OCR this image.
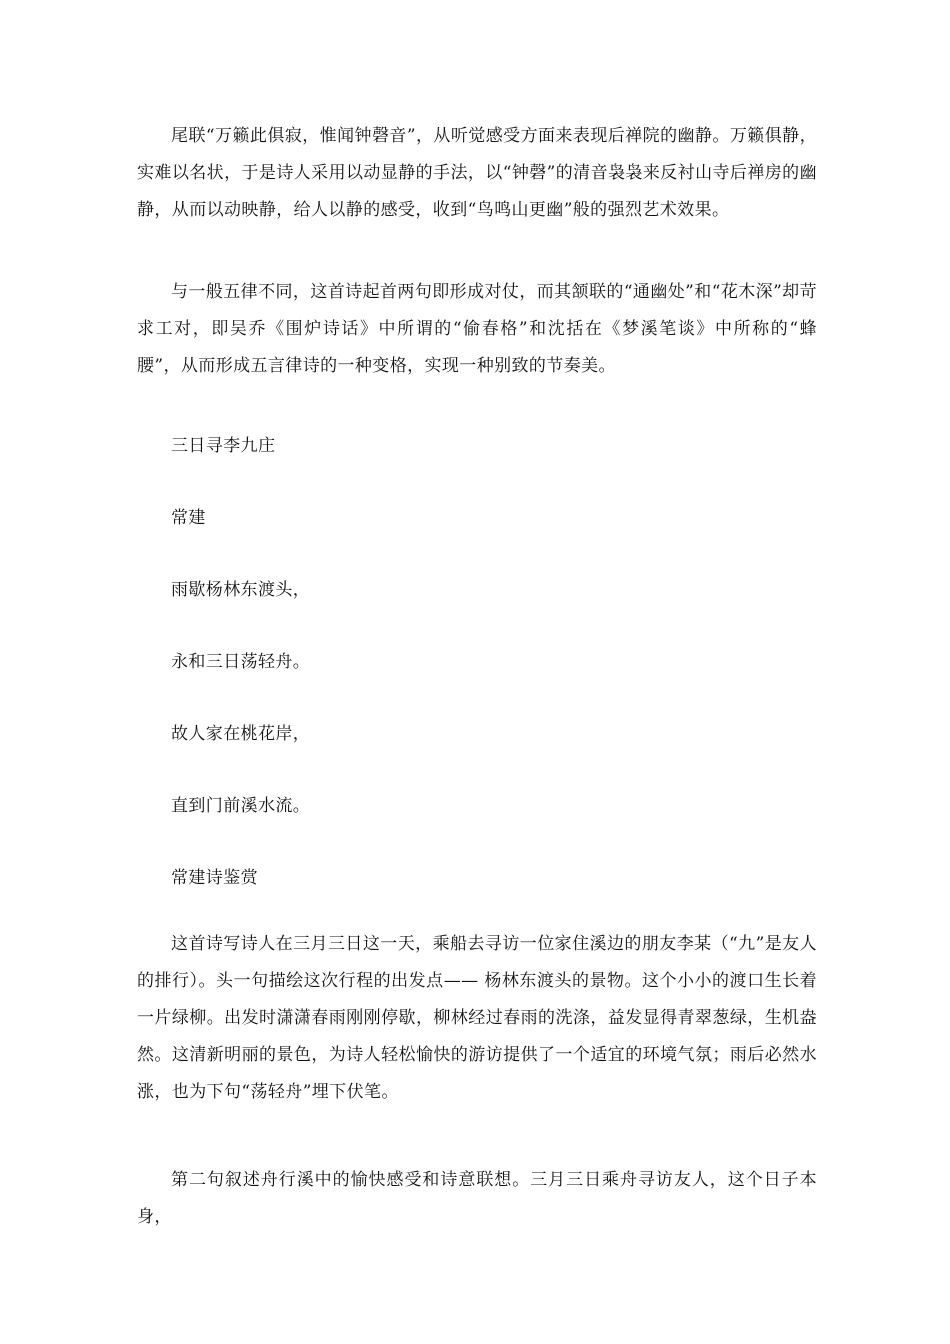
尾联“万籁此俱寂，惟闻钟磬音”，从听觉感受方面来表现后禅院的幽静。万籁俱静，实难以名状，于是诗人采用以动显静的手法，以“钟磬”的清音袅袅来反衬山寺后禅房的幽静，从而以动映静，给人以静的感受，收到“鸟鸣山更幽”般的强烈艺术效果。

与一般五律不同，这首诗起首两句即形成对仗，而其颔联的“通幽处”和“花木深”却苛求工对，即吴乔《围炉诗话》中所谓的“偷春格”和沈括在《梦溪笔谈》中所称的“蜂腰”，从而形成五言律诗的一种变格，实现一种别致的节奏美。

三日寻李九庄

常建

雨歇杨林东渡头，

永和三日荡轻舟。

故人家在桃花岸，

直到门前溪水流。

常建诗鉴赏

这首诗写诗人在三月三日这一天，乘船去寻访一位家住溪边的朋友李某（“九”是友人的排行）。头一句描绘这次行程的出发点—— 杨林东渡头的景物。这个小小的渡口生长着一片绿柳。出发时潇潇春雨刚刚停歇，柳林经过春雨的洗涤，益发显得青翠葱绿，生机盎然。这清新明丽的景色，为诗人轻松愉快的游访提供了一个适宜的环境气氛；雨后必然水涨，也为下句“荡轻舟”埋下伏笔。

第二句叙述舟行溪中的愉快感受和诗意联想。三月三日乘舟寻访友人，这个日子本身，
